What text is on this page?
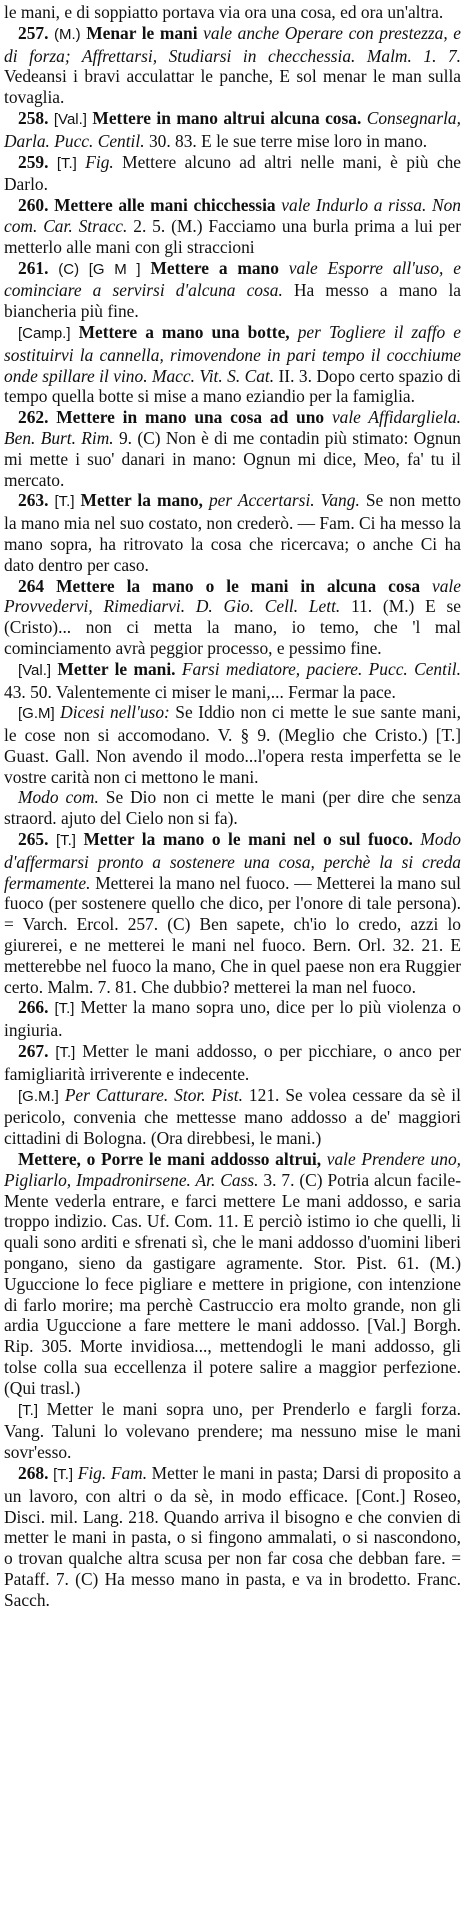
le mani, e di soppiatto portava via ora una cosa, ed ora un'altra.

257. (M.) Menar le mani vale anche Operare con prestezza, e di forza; Affrettarsi, Studiarsi in checchessia. Malm. 1. 7. Vedeansi i bravi acculattar le panche, E sol menar le man sulla tovaglia.

258. [Val.] Mettere in mano altrui alcuna cosa. Consegnarla, Darla. Pucc. Centil. 30. 83. E le sue terre mise loro in mano.

259. [T.] Fig. Mettere alcuno ad altri nelle mani, è più che Darlo.

260. Mettere alle mani chicchessia vale Indurlo a rissa. Non com. Car. Stracc. 2. 5. (M.) Facciamo una burla prima a lui per metterlo alle mani con gli straccioni

261. (C) [G M ] Mettere a mano vale Esporre all'uso, e cominciare a servirsi d'alcuna cosa. Ha messo a mano la biancheria più fine.

[Camp.] Mettere a mano una botte, per Togliere il zaffo e sostituirvi la cannella, rimovendone in pari tempo il cocchiume onde spillare il vino. Macc. Vit. S. Cat. II. 3. Dopo certo spazio di tempo quella botte si mise a mano eziandio per la famiglia.

262. Mettere in mano una cosa ad uno vale Affidargliela. Ben. Burt. Rim. 9. (C) Non è di me contadin più stimato: Ognun mi mette i suo' danari in mano: Ognun mi dice, Meo, fa' tu il mercato.

263. [T.] Metter la mano, per Accertarsi. Vang. Se non metto la mano mia nel suo costato, non crederò. — Fam. Ci ha messo la mano sopra, ha ritrovato la cosa che ricercava; o anche Ci ha dato dentro per caso.

264 Mettere la mano o le mani in alcuna cosa vale Provvedervi, Rimediarvi. D. Gio. Cell. Lett. 11. (M.) E se (Cristo)... non ci metta la mano, io temo, che 'l mal cominciamento avrà peggior processo, e pessimo fine.

[Val.] Metter le mani. Farsi mediatore, paciere. Pucc. Centil. 43. 50. Valentemente ci miser le mani,... Fermar la pace.

[G.M] Dicesi nell'uso: Se Iddio non ci mette le sue sante mani, le cose non si accomodano. V. § 9. (Meglio che Cristo.) [T.] Guast. Gall. Non avendo il modo...l'opera resta imperfetta se le vostre carità non ci mettono le mani.

Modo com. Se Dio non ci mette le mani (per dire che senza straord. ajuto del Cielo non si fa).

265. [T.] Metter la mano o le mani nel o sul fuoco. Modo d'affermarsi pronto a sostenere una cosa, perchè la si creda fermamente. Metterei la mano nel fuoco. — Metterei la mano sul fuoco (per sostenere quello che dico, per l'onore di tale persona). = Varch. Ercol. 257. (C) Ben sapete, ch'io lo credo, azzi lo giurerei, e ne metterei le mani nel fuoco. Bern. Orl. 32. 21. E metterebbe nel fuoco la mano, Che in quel paese non era Ruggier certo. Malm. 7. 81. Che dubbio? metterei la man nel fuoco.

266. [T.] Metter la mano sopra uno, dice per lo più violenza o ingiuria.

267. [T.] Metter le mani addosso, o per picchiare, o anco per famigliarità irriverente e indecente.

[G.M.] Per Catturare. Stor. Pist. 121. Se volea cessare da sè il pericolo, convenia che mettesse mano addosso a de' maggiori cittadini di Bologna. (Ora direbbesi, le mani.)

Mettere, o Porre le mani addosso altrui, vale Prendere uno, Pigliarlo, Impadronirsene. Ar. Cass. 3. 7. (C) Potria alcun facile-Mente vederla entrare, e farci mettere Le mani addosso, e saria troppo indizio. Cas. Uf. Com. 11. E perciò istimo io che quelli, li quali sono arditi e sfrenati sì, che le mani addosso d'uomini liberi pongano, sieno da gastigare agramente. Stor. Pist. 61. (M.) Uguccione lo fece pigliare e mettere in prigione, con intenzione di farlo morire; ma perchè Castruccio era molto grande, non gli ardia Uguccione a fare mettere le mani addosso. [Val.] Borgh. Rip. 305. Morte invidiosa..., mettendogli le mani addosso, gli tolse colla sua eccellenza il potere salire a maggior perfezione. (Qui trasl.)

[T.] Metter le mani sopra uno, per Prenderlo e fargli forza. Vang. Taluni lo volevano prendere; ma nessuno mise le mani sovr'esso.

268. [T.] Fig. Fam. Metter le mani in pasta; Darsi di proposito a un lavoro, con altri o da sè, in modo efficace. [Cont.] Roseo, Disci. mil. Lang. 218. Quando arriva il bisogno e che convien di metter le mani in pasta, o si fingono ammalati, o si nascondono, o trovan qualche altra scusa per non far cosa che debban fare. = Pataff. 7. (C) Ha messo mano in pasta, e va in brodetto. Franc. Sacch.
